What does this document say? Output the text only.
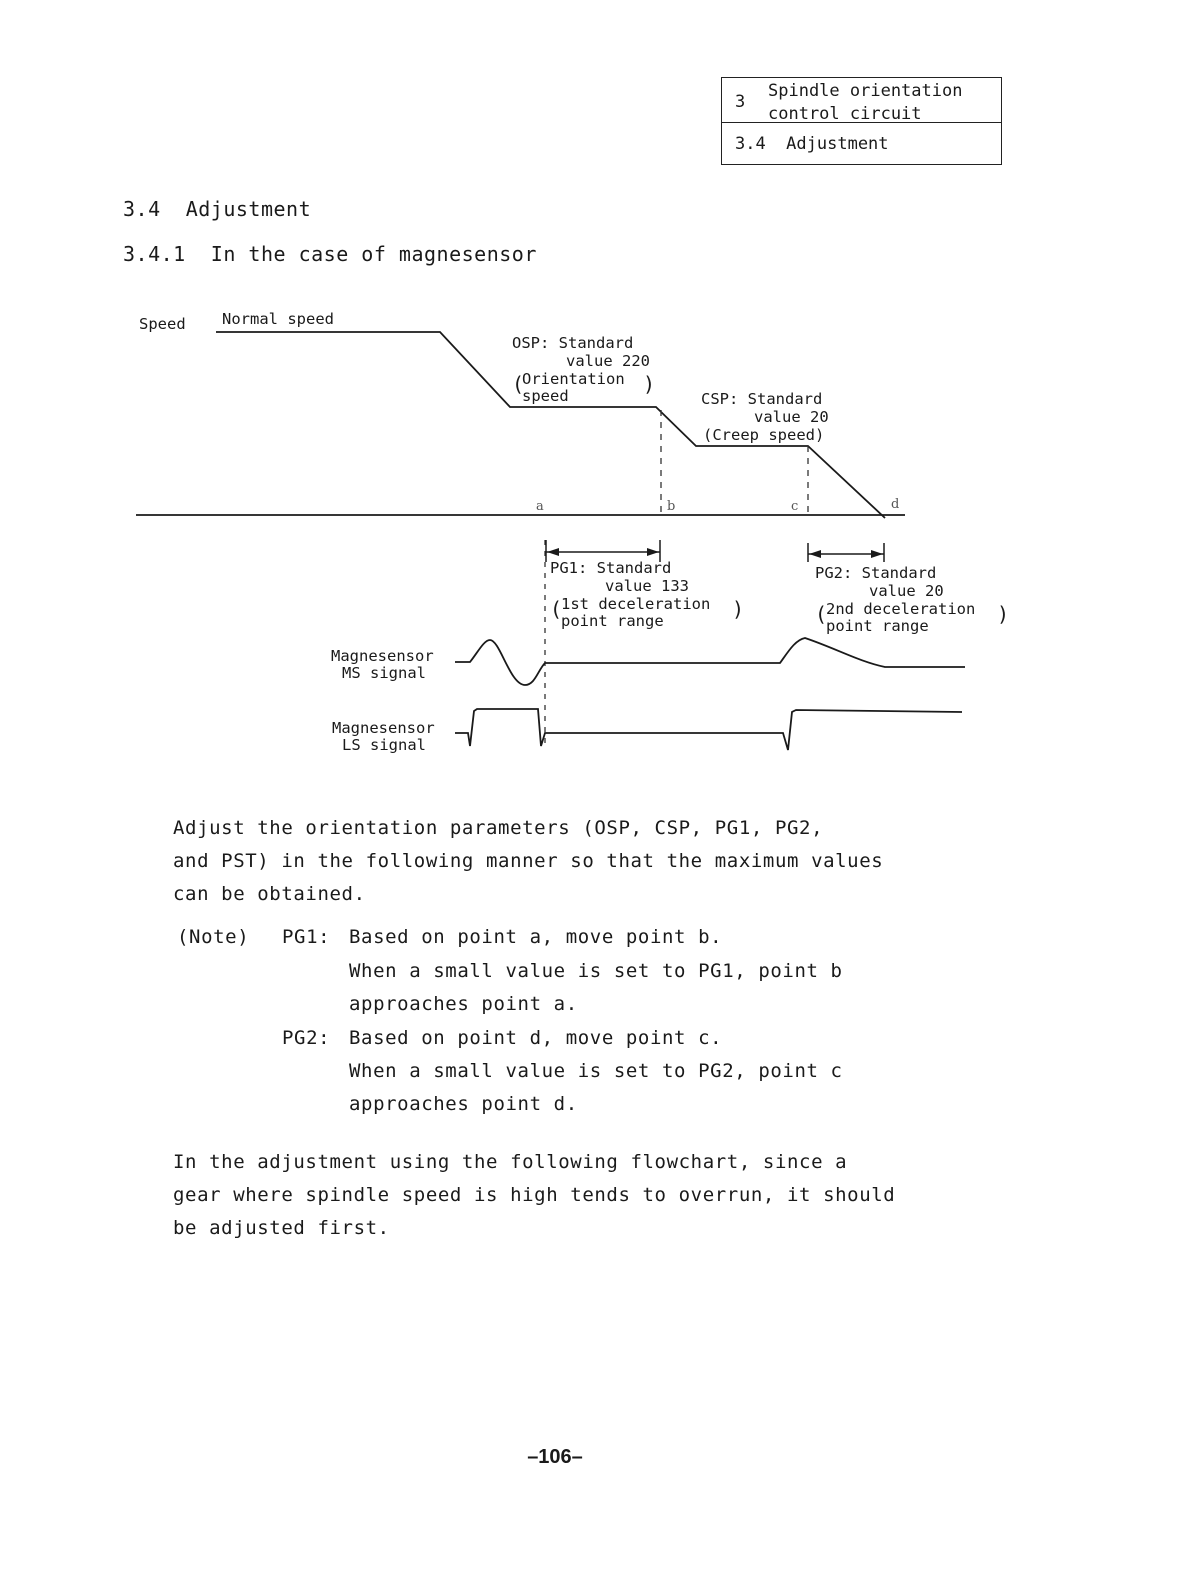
3
Spindle orientation control circuit
3.4  Adjustment
3.4  Adjustment
3.4.1  In the case of magnesensor
Speed Normal speed
OSP: Standard
value 220
(
Orientation )
speed	CSP: Standard
value 20
(Creep speed)
a	b	c	d
PG1: Standard
value 133
(
1st deceleration )
point range
PG2: Standard
value 20
(
2nd deceleration )
point range
Magnesensor
MS signal
Magnesensor
LS signal
Adjust the orientation parameters (OSP, CSP, PG1, PG2,
and PST) in the following manner so that the maximum values
can be obtained.
(Note) PG1: Based on point a, move point b.
When a small value is set to PG1, point b
approaches point a.
PG2: Based on point d, move point c.
When a small value is set to PG2, point c
approaches point d.
In the adjustment using the following flowchart, since a
gear where spindle speed is high tends to overrun, it should
be adjusted first.
–106–
